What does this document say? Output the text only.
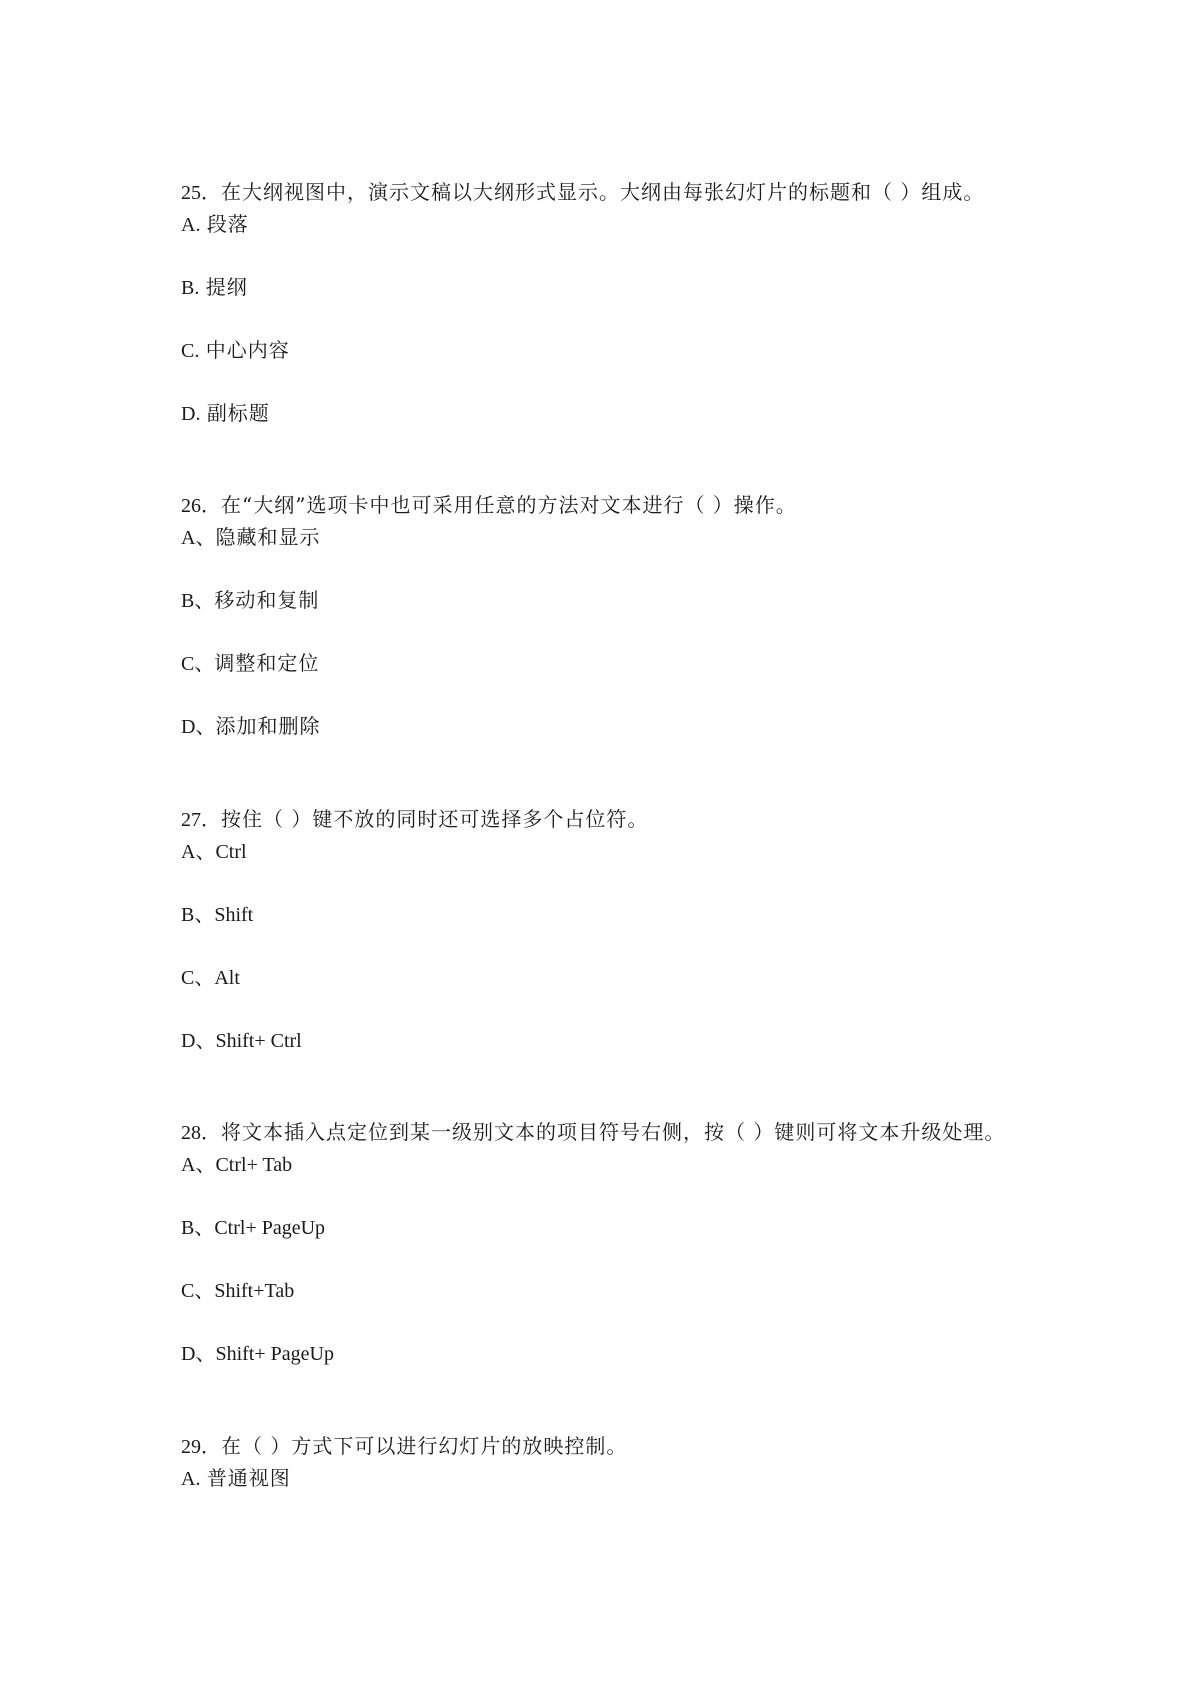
25．在大纲视图中，演示文稿以大纲形式显示。大纲由每张幻灯片的标题和（ ）组成。
A. 段落
B. 提纲
C. 中心内容
D. 副标题
26．在“大纲”选项卡中也可采用任意的方法对文本进行（ ）操作。
A、隐藏和显示
B、移动和复制
C、调整和定位
D、添加和删除
27．按住（ ）键不放的同时还可选择多个占位符。
A、Ctrl
B、Shift
C、Alt
D、Shift+ Ctrl
28．将文本插入点定位到某一级别文本的项目符号右侧，按（ ）键则可将文本升级处理。
A、Ctrl+ Tab
B、Ctrl+ PageUp
C、Shift+Tab
D、Shift+ PageUp
29．在（ ）方式下可以进行幻灯片的放映控制。
A. 普通视图
